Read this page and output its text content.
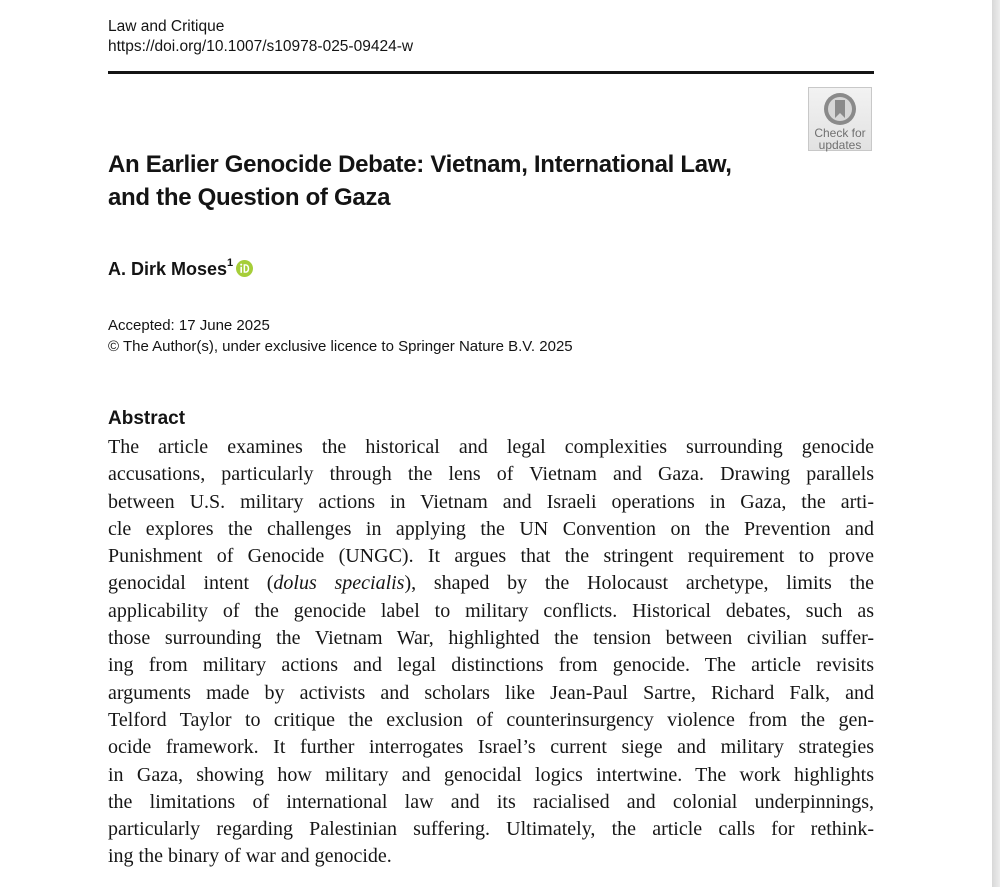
Law and Critique
https://doi.org/10.1007/s10978-025-09424-w
Check for
updates
An Earlier Genocide Debate: Vietnam, International Law,
and the Question of Gaza
A. Dirk Moses$^1$
Accepted: 17 June 2025
© The Author(s), under exclusive licence to Springer Nature B.V. 2025
Abstract
The article examines the historical and legal complexities surrounding genocide
accusations, particularly through the lens of Vietnam and Gaza. Drawing parallels
between U.S. military actions in Vietnam and Israeli operations in Gaza, the arti-
cle explores the challenges in applying the UN Convention on the Prevention and
Punishment of Genocide (UNGC). It argues that the stringent requirement to prove
genocidal intent (dolus specialis), shaped by the Holocaust archetype, limits the
applicability of the genocide label to military conflicts. Historical debates, such as
those surrounding the Vietnam War, highlighted the tension between civilian suffer-
ing from military actions and legal distinctions from genocide. The article revisits
arguments made by activists and scholars like Jean-Paul Sartre, Richard Falk, and
Telford Taylor to critique the exclusion of counterinsurgency violence from the gen-
ocide framework. It further interrogates Israel’s current siege and military strategies
in Gaza, showing how military and genocidal logics intertwine. The work highlights
the limitations of international law and its racialised and colonial underpinnings,
particularly regarding Palestinian suffering. Ultimately, the article calls for rethink-
ing the binary of war and genocide.
